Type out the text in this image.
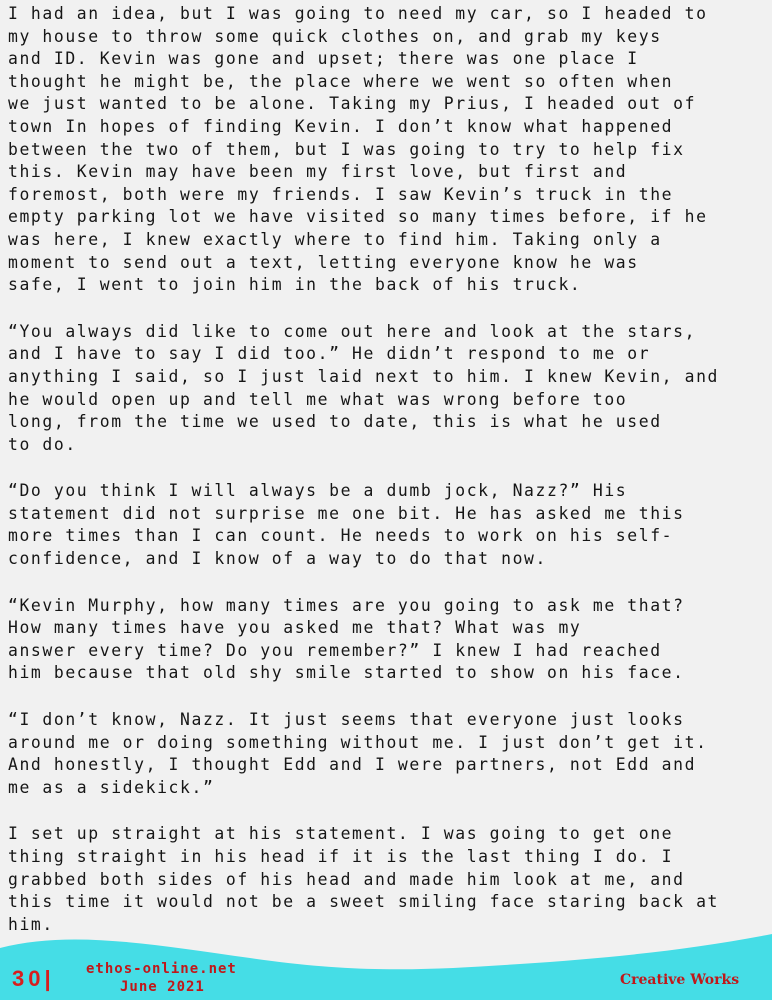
I had an idea, but I was going to need my car, so I headed to
my house to throw some quick clothes on, and grab my keys
and ID. Kevin was gone and upset; there was one place I
thought he might be, the place where we went so often when
we just wanted to be alone. Taking my Prius, I headed out of
town In hopes of finding Kevin. I don’t know what happened
between the two of them, but I was going to try to help fix
this. Kevin may have been my first love, but first and
foremost, both were my friends. I saw Kevin’s truck in the
empty parking lot we have visited so many times before, if he
was here, I knew exactly where to find him. Taking only a
moment to send out a text, letting everyone know he was
safe, I went to join him in the back of his truck.
“You always did like to come out here and look at the stars,
and I have to say I did too.” He didn’t respond to me or
anything I said, so I just laid next to him. I knew Kevin, and
he would open up and tell me what was wrong before too
long, from the time we used to date, this is what he used
to do.
“Do you think I will always be a dumb jock, Nazz?” His
statement did not surprise me one bit. He has asked me this
more times than I can count. He needs to work on his self-
confidence, and I know of a way to do that now.
“Kevin Murphy, how many times are you going to ask me that?
How many times have you asked me that? What was my
answer every time? Do you remember?” I knew I had reached
him because that old shy smile started to show on his face.
“I don’t know, Nazz. It just seems that everyone just looks
around me or doing something without me. I just don’t get it.
And honestly, I thought Edd and I were partners, not Edd and
me as a sidekick.”
I set up straight at his statement. I was going to get one
thing straight in his head if it is the last thing I do. I
grabbed both sides of his head and made him look at me, and
this time it would not be a sweet smiling face staring back at
him.
30| ethos-online.net
June 2021	Creative Works
